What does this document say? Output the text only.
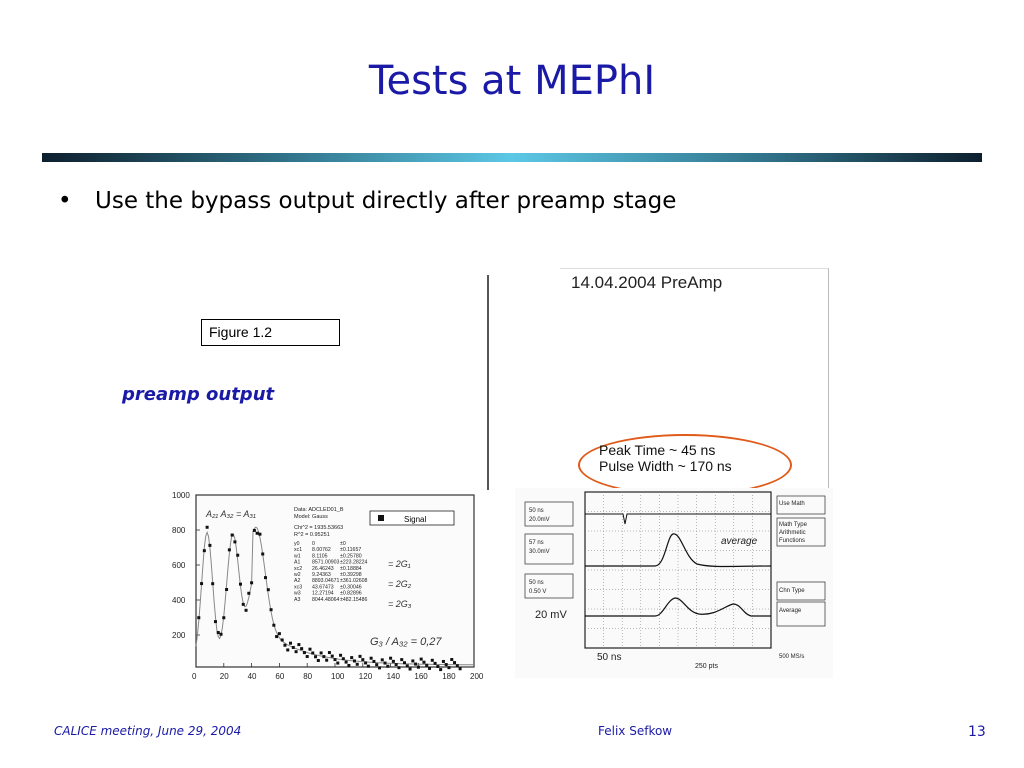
Tests at MEPhI
• Use the bypass output directly after preamp stage
Figure 1.2
preamp output
1000
800
600
400
200
0	20 40 60 80 100 120 140 160 180 200
Signal
Data: ADCLED01_B
Model: Gauss
Chi^2 = 1935.53663
R^2 = 0.95251
y0 0	±0
xc1 8.00762 ±0.11657
w1 8.1105 ±0.25780
A1 8571.00903 ±223.28224
xc2 26.46243 ±0.18884
w2 9.24363 ±0.39298
A2 8893.04671 ±361.02608
xc3 43.67473 ±0.30046
w3 12.27194 ±0.82896
A3 8044.48064 ±482.15486
A₂₁ A₃₂ = A₃₁
= 2G₁
= 2G₂
= 2G₃
G₃ / A₃₂ = 0,27
14.04.2004 PreAmp
Peak Time ~ 45 ns
Pulse Width ~ 170 ns
50 ns
20.0mV
57 ns
30.0mV
50 ns
0.50 V
Use Math
Math Type
Arithmetic
Functions
Chn Type
Average
500 MS/s
average
20 mV
50 ns
250 pts
CALICE meeting, June 29, 2004	Felix Sefkow	13
